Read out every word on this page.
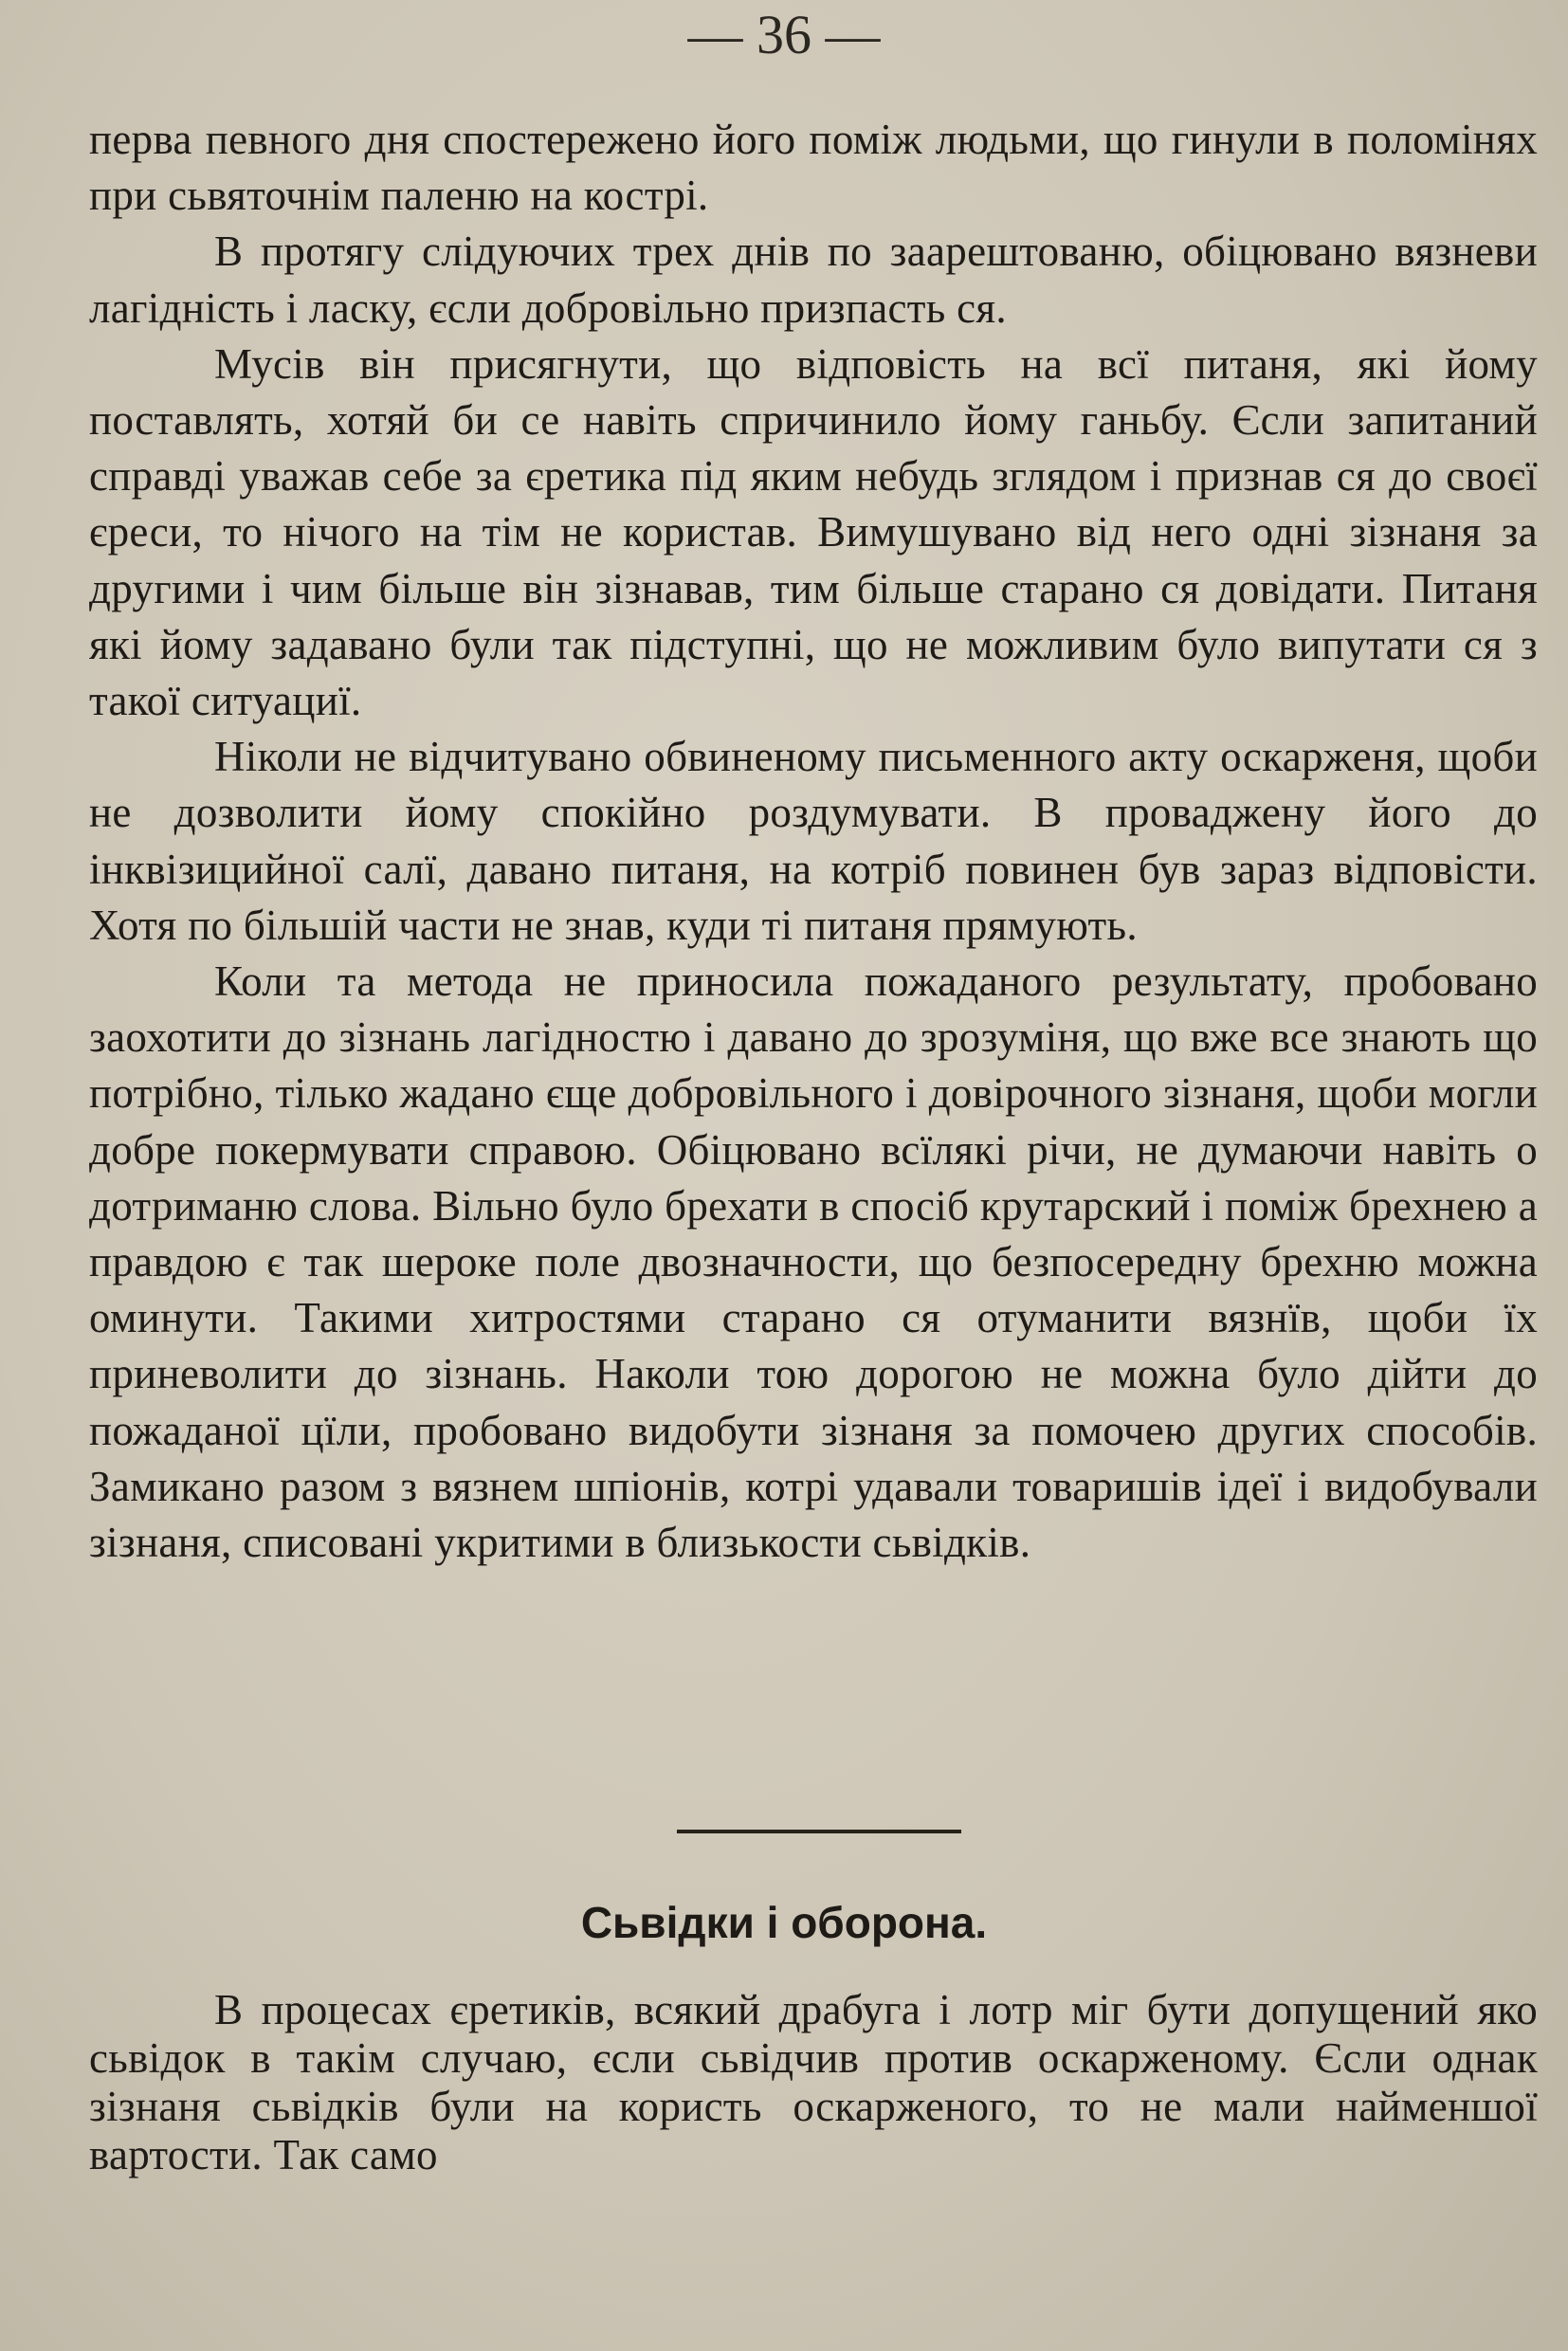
— 36 —

перва певного дня спостережено його поміж людьми, що гинули в поломінях при сьвяточнім палeню на кострі.

В протягу слідуючих трех днів по заарештованю, обіцювано вязневи лагідність і ласку, єсли добровільно призпасть ся.

Мусів він присягнути, що відповість на всї питаня, які йому поставлять, хотяй би се навіть спричинило йому ганьбу. Єсли запитаний справді уважав себе за єретика під яким небудь зглядом і признав ся до своєї єреси, то нічого на тім не користав. Вимушувано від него одні зізнаня за другими і чим більше він зізнавав, тим більше старано ся довідати. Питаня які йому задавано були так підступні, що не можливим було випутати ся з такої ситуациї.

Ніколи не відчитувано обвиненому письменного акту оскарженя, щоби не дозволити йому спокійно роздумувати. В проваджену його до інквізицийної салї, давано питаня, на котріб повинен був зараз відповісти. Хотя по більшій части не знав, куди ті питаня прямують.

Коли та метода не приносила пожаданого результату, пробовано заохотити до зізнань лагідностю і давано до зрозуміня, що вже все знають що потрібно, тілько жадано єще добровільного і довірочного зізнаня, щоби могли добре покермувати справою. Обіцювано всїлякі річи, не думаючи навіть о дотриманю слова. Вільно було брехати в спосіб крутарский і поміж брехнею а правдою є так шероке поле двозначности, що безпосередну брехню можна оминути. Такими хитростями старано ся отуманити вязнїв, щоби їх приневолити до зізнань. Наколи тою дорогою не можна було дійти до пожаданої цїли, пробовано видобути зізнаня за помочею других способів. Замикано разом з вязнем шпіонів, котрі удавали товаришів ідеї і видобували зізнаня, списовані укритими в близькости сьвідків.

Сьвідки і оборона.

В процесах єретиків, всякий драбуга і лотр міг бути допущений яко сьвідок в такім случаю, єсли сьвідчив против оскарженому. Єсли однак зізнаня сьвідків були на користь оскарженого, то не мали найменшої вартости. Так само
